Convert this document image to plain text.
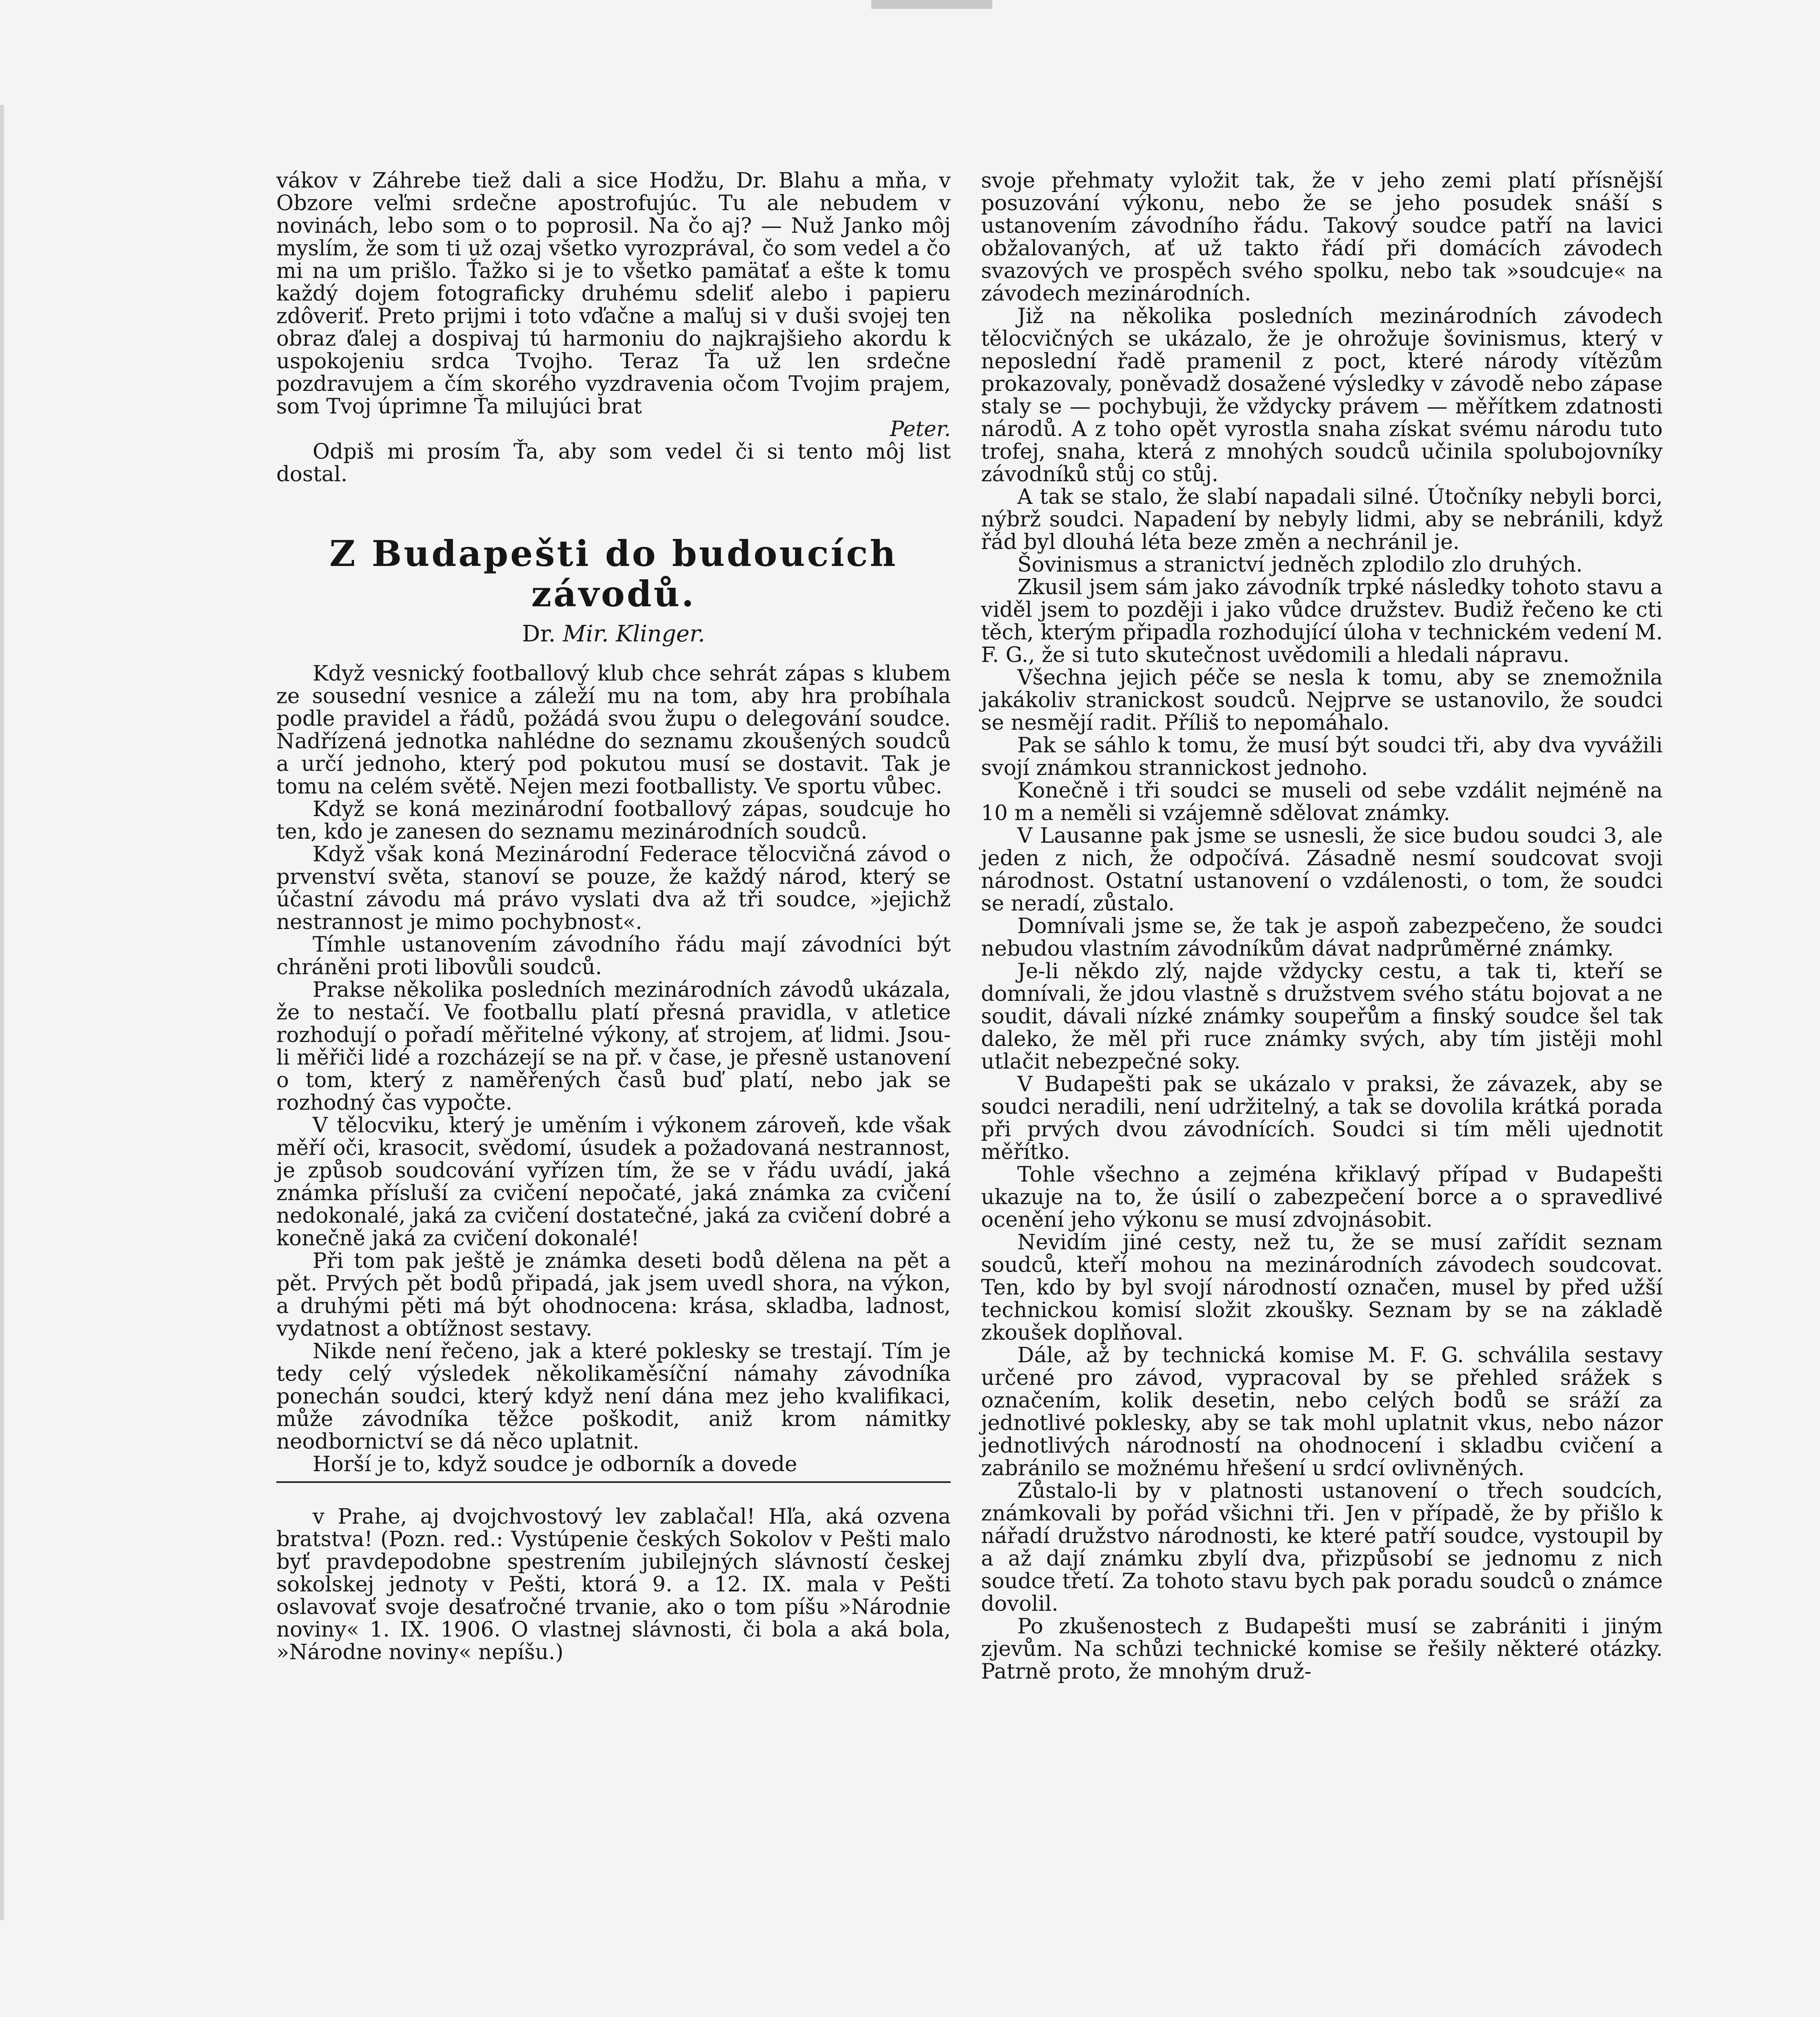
vákov v Záhrebe tiež dali a sice Hodžu, Dr. Blahu a mňa, v Obzore veľmi srdečne apostrofujúc. Tu ale nebudem v novinách, lebo som o to poprosil. Na čo aj? — Nuž Janko môj myslím, že som ti už ozaj všetko vyrozprával, čo som vedel a čo mi na um prišlo. Ťažko si je to všetko pamätať a ešte k tomu každý dojem fotograficky druhému sdeliť alebo i papieru zdôveriť. Preto prijmi i toto vďačne a maľuj si v duši svojej ten obraz ďalej a dospivaj tú harmoniu do najkrajšieho akordu k uspokojeniu srdca Tvojho. Teraz Ťa už len srdečne pozdravujem a čím skorého vyzdravenia očom Tvojim prajem, som Tvoj úprimne Ťa milujúci brat

Peter.

Odpiš mi prosím Ťa, aby som vedel či si tento môj list dostal.

Z Budapešti do budoucích
závodů.
Dr. Mir. Klinger.

Když vesnický footballový klub chce sehrát zápas s klubem ze sousední vesnice a záleží mu na tom, aby hra probíhala podle pravidel a řádů, požádá svou župu o delegování soudce. Nadřízená jednotka nahlédne do seznamu zkoušených soudců a určí jednoho, který pod pokutou musí se dostavit. Tak je tomu na celém světě. Nejen mezi footballisty. Ve sportu vůbec.

Když se koná mezinárodní footballový zápas, soudcuje ho ten, kdo je zanesen do seznamu mezinárodních soudců.

Když však koná Mezinárodní Federace tělocvičná závod o prvenství světa, stanoví se pouze, že každý národ, který se účastní závodu má právo vyslati dva až tři soudce, »jejichž nestrannost je mimo pochybnost«.

Tímhle ustanovením závodního řádu mají závodníci být chráněni proti libovůli soudců.

Prakse několika posledních mezinárodních závodů ukázala, že to nestačí. Ve footballu platí přesná pravidla, v atletice rozhodují o pořadí měřitelné výkony, ať strojem, ať lidmi. Jsou-li měřiči lidé a rozcházejí se na př. v čase, je přesně ustanovení o tom, který z naměřených časů buď platí, nebo jak se rozhodný čas vypočte.

V tělocviku, který je uměním i výkonem zároveň, kde však měří oči, krasocit, svědomí, úsudek a požadovaná nestrannost, je způsob soudcování vyřízen tím, že se v řádu uvádí, jaká známka přísluší za cvičení nepočaté, jaká známka za cvičení nedokonalé, jaká za cvičení dostatečné, jaká za cvičení dobré a konečně jaká za cvičení dokonalé!

Při tom pak ještě je známka deseti bodů dělena na pět a pět. Prvých pět bodů připadá, jak jsem uvedl shora, na výkon, a druhými pěti má být ohodnocena: krása, skladba, ladnost, vydatnost a obtížnost sestavy.

Nikde není řečeno, jak a které poklesky se trestají. Tím je tedy celý výsledek několikaměsíční námahy závodníka ponechán soudci, který když není dána mez jeho kvalifikaci, může závodníka těžce poškodit, aniž krom námitky neodbornictví se dá něco uplatnit.

Horší je to, když soudce je odborník a dovede

v Prahe, aj dvojchvostový lev zablačal! Hľa, aká ozvena bratstva! (Pozn. red.: Vystúpenie českých Sokolov v Pešti malo byť pravdepodobne spestrením jubilejných slávností českej sokolskej jednoty v Pešti, ktorá 9. a 12. IX. mala v Pešti oslavovať svoje desaťročné trvanie, ako o tom píšu »Národnie noviny« 1. IX. 1906. O vlastnej slávnosti, či bola a aká bola, »Národne noviny« nepíšu.)

svoje přehmaty vyložit tak, že v jeho zemi platí přísnější posuzování výkonu, nebo že se jeho posudek snáší s ustanovením závodního řádu. Takový soudce patří na lavici obžalovaných, ať už takto řádí při domácích závodech svazových ve prospěch svého spolku, nebo tak »soudcuje« na závodech mezinárodních.

Již na několika posledních mezinárodních závodech tělocvičných se ukázalo, že je ohrožuje šovinismus, který v neposlední řadě pramenil z poct, které národy vítězům prokazovaly, poněvadž dosažené výsledky v závodě nebo zápase staly se — pochybuji, že vždycky právem — měřítkem zdatnosti národů. A z toho opět vyrostla snaha získat svému národu tuto trofej, snaha, která z mnohých soudců učinila spolubojovníky závodníků stůj co stůj.

A tak se stalo, že slabí napadali silné. Útočníky nebyli borci, nýbrž soudci. Napadení by nebyly lidmi, aby se nebránili, když řád byl dlouhá léta beze změn a nechránil je.

Šovinismus a stranictví jedněch zplodilo zlo druhých.

Zkusil jsem sám jako závodník trpké následky tohoto stavu a viděl jsem to později i jako vůdce družstev. Budiž řečeno ke cti těch, kterým připadla rozhodující úloha v technickém vedení M. F. G., že si tuto skutečnost uvědomili a hledali nápravu.

Všechna jejich péče se nesla k tomu, aby se znemožnila jakákoliv stranickost soudců. Nejprve se ustanovilo, že soudci se nesmějí radit. Příliš to nepomáhalo.

Pak se sáhlo k tomu, že musí být soudci tři, aby dva vyvážili svojí známkou strannickost jednoho.

Konečně i tři soudci se museli od sebe vzdálit nejméně na 10 m a neměli si vzájemně sdělovat známky.

V Lausanne pak jsme se usnesli, že sice budou soudci 3, ale jeden z nich, že odpočívá. Zásadně nesmí soudcovat svoji národnost. Ostatní ustanovení o vzdálenosti, o tom, že soudci se neradí, zůstalo.

Domnívali jsme se, že tak je aspoň zabezpečeno, že soudci nebudou vlastním závodníkům dávat nadprůměrné známky.

Je-li někdo zlý, najde vždycky cestu, a tak ti, kteří se domnívali, že jdou vlastně s družstvem svého státu bojovat a ne soudit, dávali nízké známky soupeřům a finský soudce šel tak daleko, že měl při ruce známky svých, aby tím jistěji mohl utlačit nebezpečné soky.

V Budapešti pak se ukázalo v praksi, že závazek, aby se soudci neradili, není udržitelný, a tak se dovolila krátká porada při prvých dvou závodnících. Soudci si tím měli ujednotit měřítko.

Tohle všechno a zejména křiklavý případ v Budapešti ukazuje na to, že úsilí o zabezpečení borce a o spravedlivé ocenění jeho výkonu se musí zdvojnásobit.

Nevidím jiné cesty, než tu, že se musí zařídit seznam soudců, kteří mohou na mezinárodních závodech soudcovat. Ten, kdo by byl svojí národností označen, musel by před užší technickou komisí složit zkoušky. Seznam by se na základě zkoušek doplňoval.

Dále, až by technická komise M. F. G. schválila sestavy určené pro závod, vypracoval by se přehled srážek s označením, kolik desetin, nebo celých bodů se sráží za jednotlivé poklesky, aby se tak mohl uplatnit vkus, nebo názor jednotlivých národností na ohodnocení i skladbu cvičení a zabránilo se možnému hřešení u srdcí ovlivněných.

Zůstalo-li by v platnosti ustanovení o třech soudcích, známkovali by pořád všichni tři. Jen v případě, že by přišlo k nářadí družstvo národnosti, ke které patří soudce, vystoupil by a až dají známku zbylí dva, přizpůsobí se jednomu z nich soudce třetí. Za tohoto stavu bych pak poradu soudců o známce dovolil.

Po zkušenostech z Budapešti musí se zabrániti i jiným zjevům. Na schůzi technické komise se řešily některé otázky. Patrně proto, že mnohým druž-
